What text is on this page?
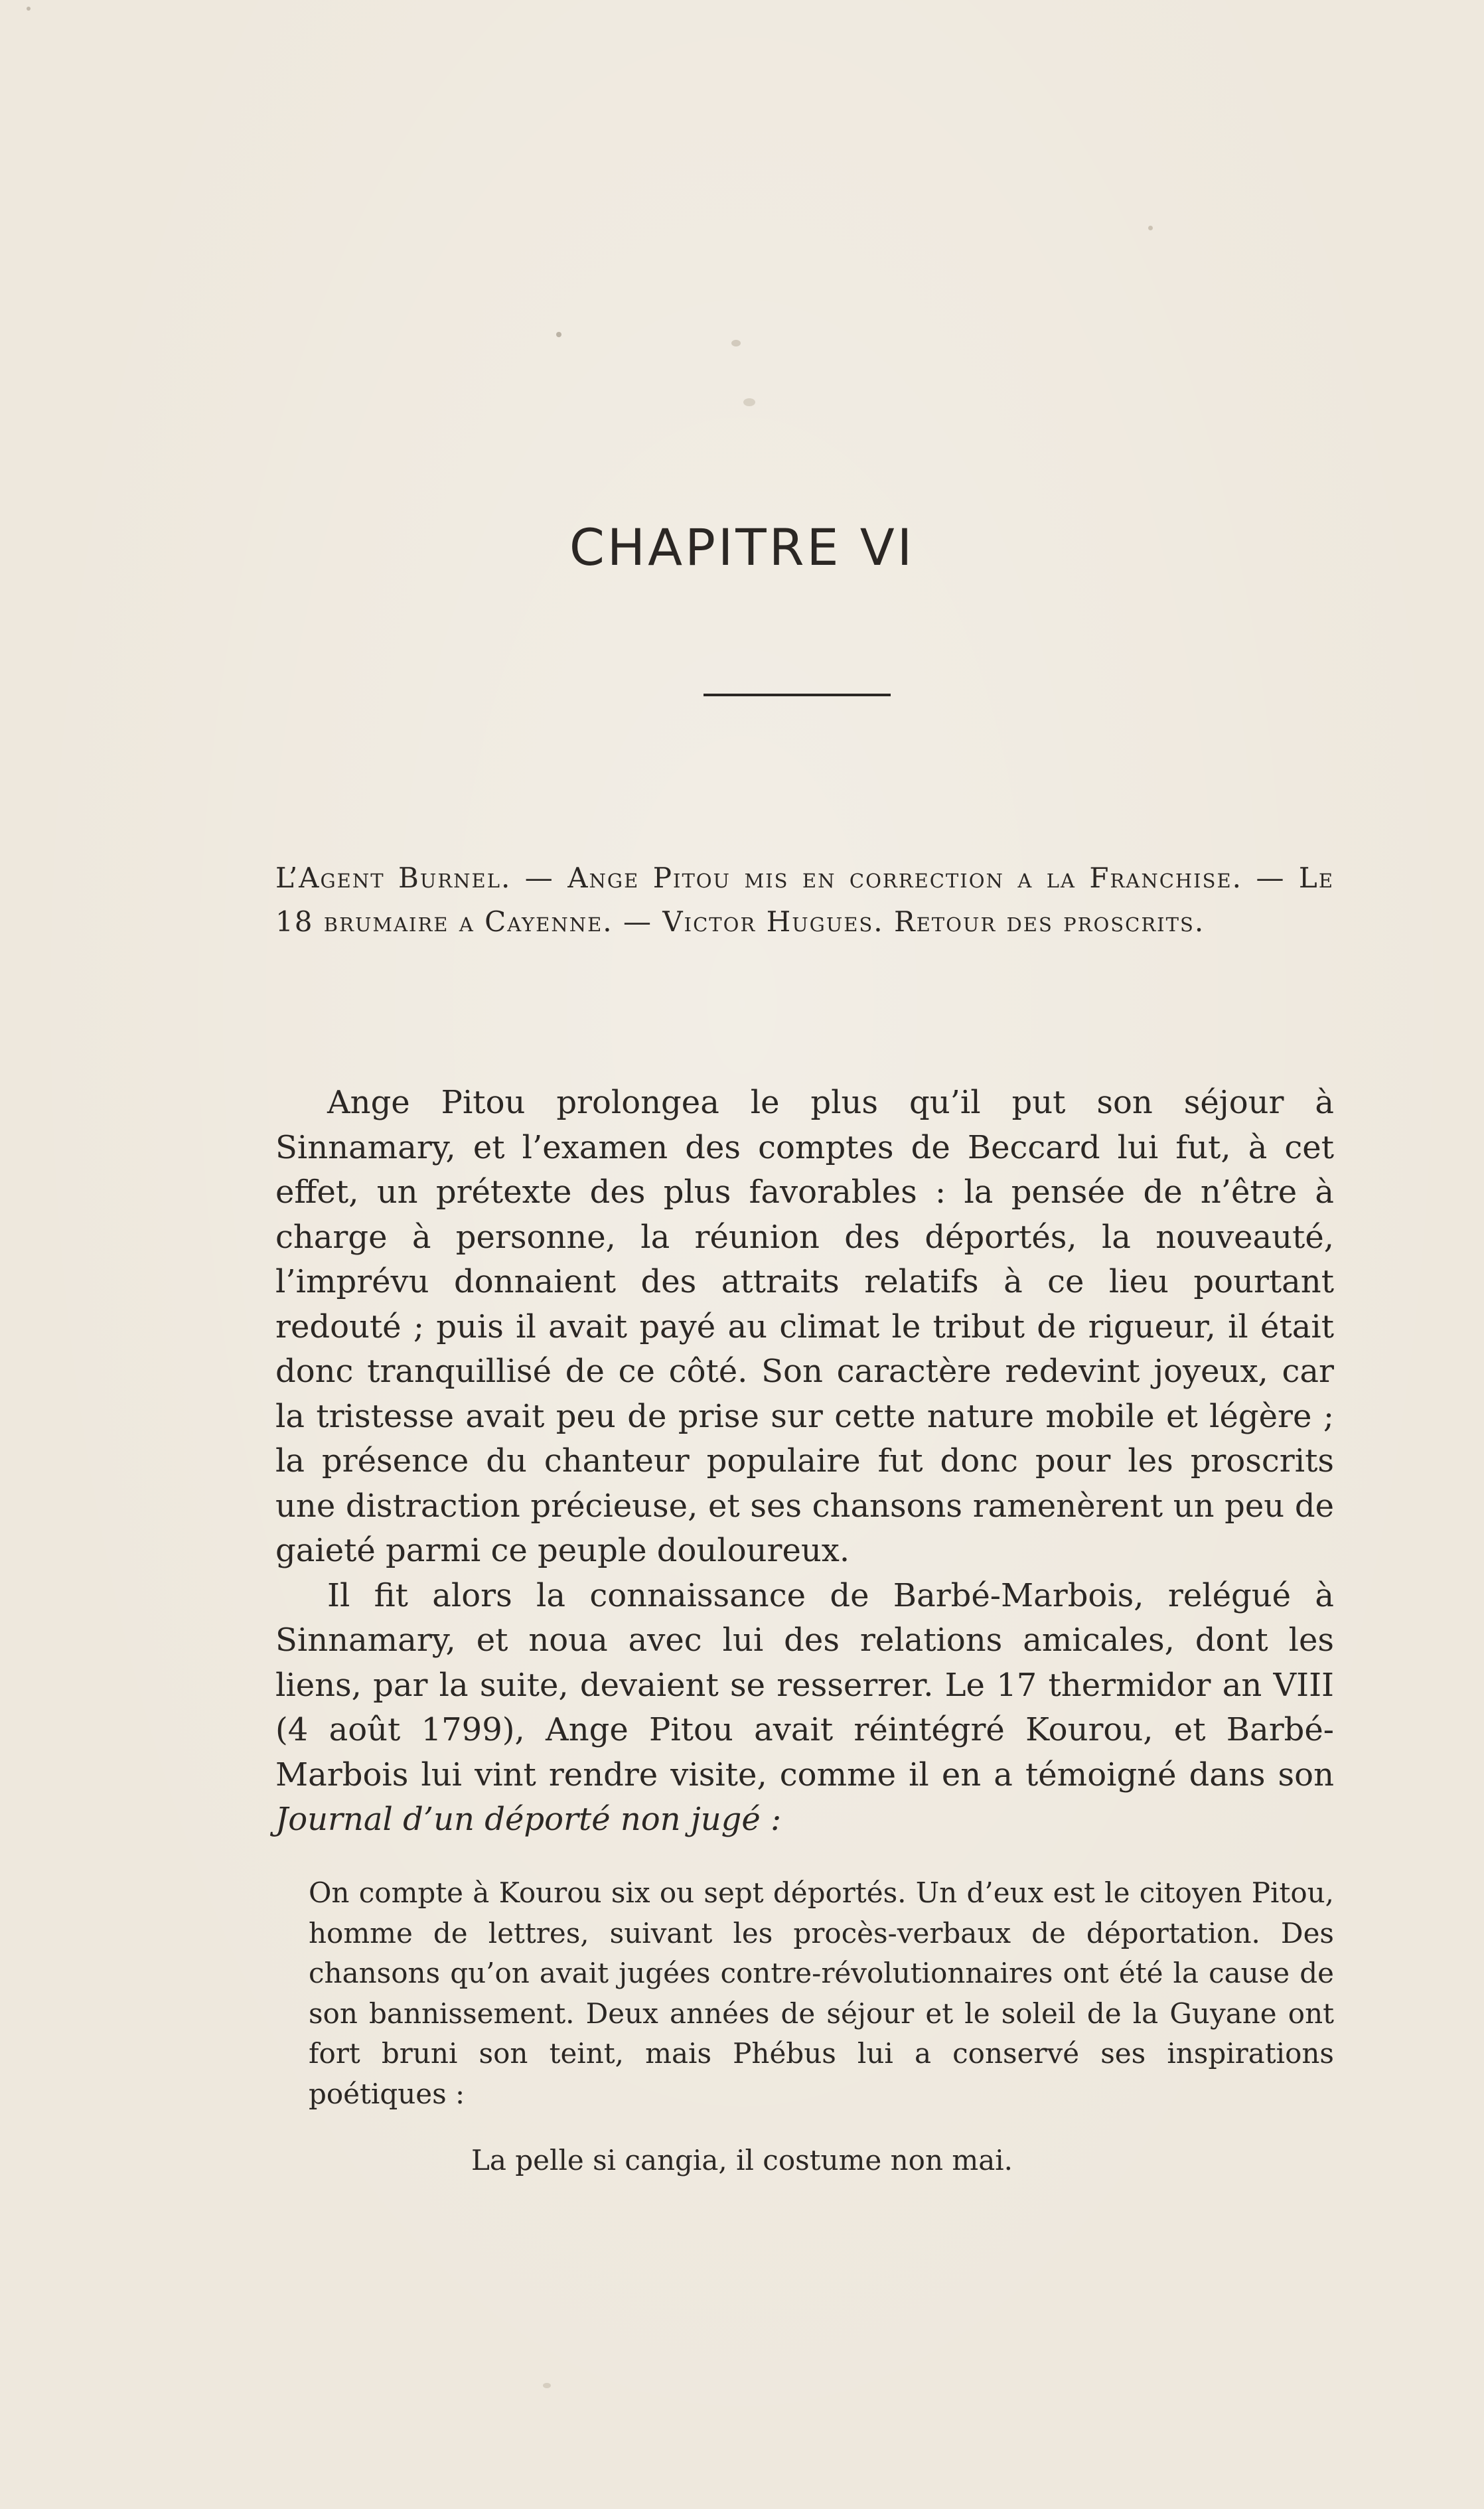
CHAPITRE VI
L’Agent Burnel. — Ange Pitou mis en correction a la Franchise. — Le 18 brumaire a Cayenne. — Victor Hugues. Retour des proscrits.

Ange Pitou prolongea le plus qu’il put son séjour à Sinnamary, et l’examen des comptes de Beccard lui fut, à cet effet, un prétexte des plus favorables : la pensée de n’être à charge à personne, la réunion des déportés, la nouveauté, l’imprévu donnaient des attraits relatifs à ce lieu pourtant redouté ; puis il avait payé au climat le tribut de rigueur, il était donc tranquillisé de ce côté. Son caractère redevint joyeux, car la tristesse avait peu de prise sur cette nature mobile et légère ; la présence du chanteur populaire fut donc pour les proscrits une distraction précieuse, et ses chansons ramenèrent un peu de gaieté parmi ce peuple douloureux.

Il fit alors la connaissance de Barbé-Marbois, relégué à Sinnamary, et noua avec lui des relations amicales, dont les liens, par la suite, devaient se resserrer. Le 17 thermidor an VIII (4 août 1799), Ange Pitou avait réintégré Kourou, et Barbé-Marbois lui vint rendre visite, comme il en a témoigné dans son Journal d’un déporté non jugé :

On compte à Kourou six ou sept déportés. Un d’eux est le citoyen Pitou, homme de lettres, suivant les procès-verbaux de déportation. Des chansons qu’on avait jugées contre-révolutionnaires ont été la cause de son bannissement. Deux années de séjour et le soleil de la Guyane ont fort bruni son teint, mais Phébus lui a conservé ses inspirations poétiques :

La pelle si cangia, il costume non mai.
